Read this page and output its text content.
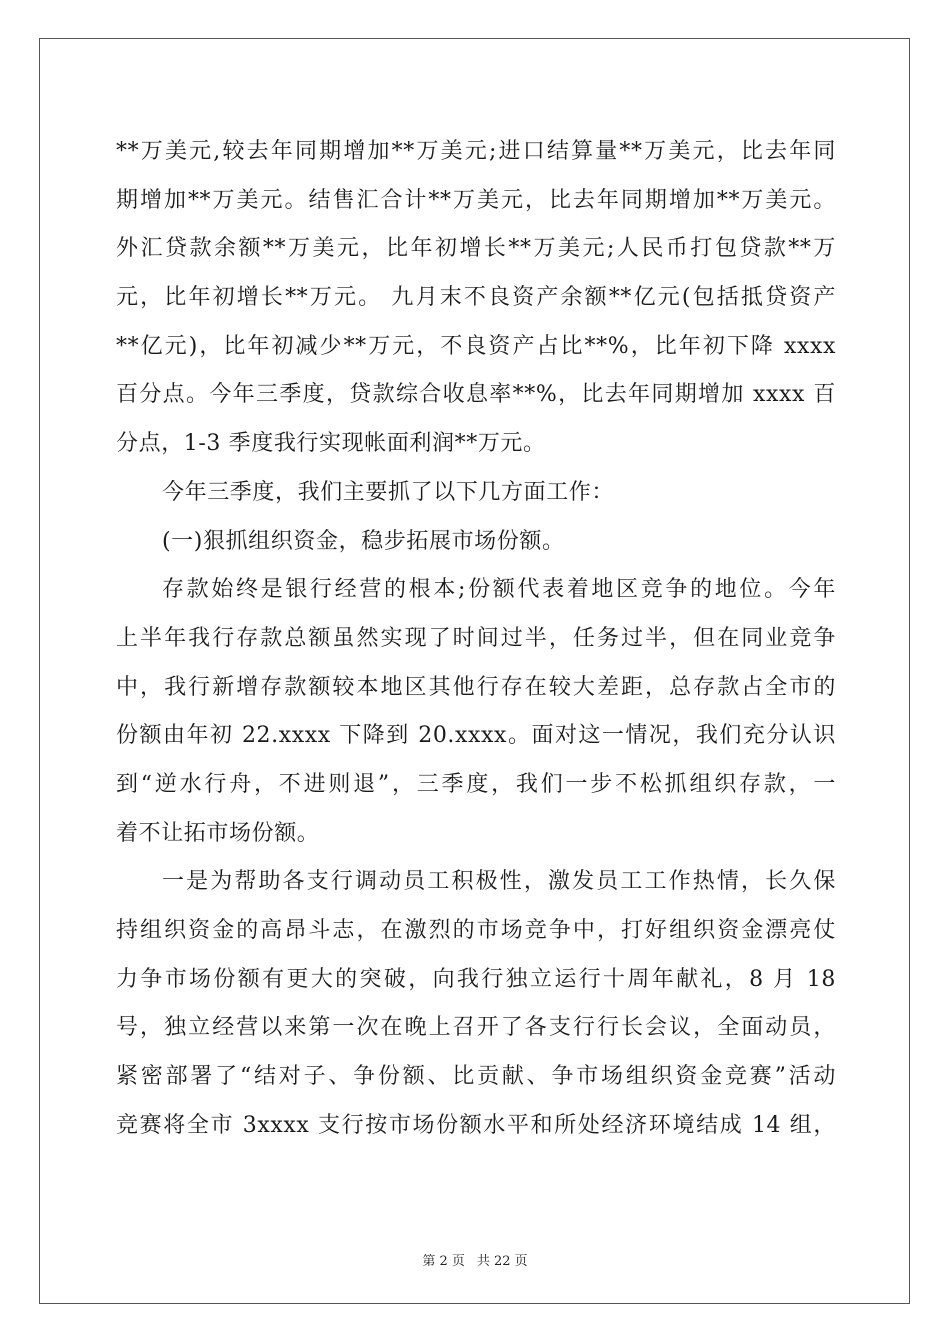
**万美元,较去年同期增加**万美元;进口结算量**万美元，比去年同
期增加**万美元。结售汇合计**万美元，比去年同期增加**万美元。
外汇贷款余额**万美元，比年初增长**万美元;人民币打包贷款**万
元，比年初增长**万元。 九月末不良资产余额**亿元(包括抵贷资产
**亿元)，比年初减少**万元，不良资产占比**%，比年初下降 xxxx
百分点。今年三季度，贷款综合收息率**%，比去年同期增加 xxxx 百
分点，1-3 季度我行实现帐面利润**万元。
今年三季度，我们主要抓了以下几方面工作：
(一)狠抓组织资金，稳步拓展市场份额。
存款始终是银行经营的根本;份额代表着地区竞争的地位。今年
上半年我行存款总额虽然实现了时间过半，任务过半，但在同业竞争
中，我行新增存款额较本地区其他行存在较大差距，总存款占全市的
份额由年初 22.xxxx 下降到 20.xxxx。面对这一情况，我们充分认识
到“逆水行舟，不进则退”，三季度，我们一步不松抓组织存款，一
着不让拓市场份额。
一是为帮助各支行调动员工积极性，激发员工工作热情，长久保
持组织资金的高昂斗志，在激烈的市场竞争中，打好组织资金漂亮仗
力争市场份额有更大的突破，向我行独立运行十周年献礼，8 月 18
号，独立经营以来第一次在晚上召开了各支行行长会议，全面动员，
紧密部署了“结对子、争份额、比贡献、争市场组织资金竞赛”活动
竞赛将全市 3xxxx 支行按市场份额水平和所处经济环境结成 14 组，
第 2 页 共 22 页
